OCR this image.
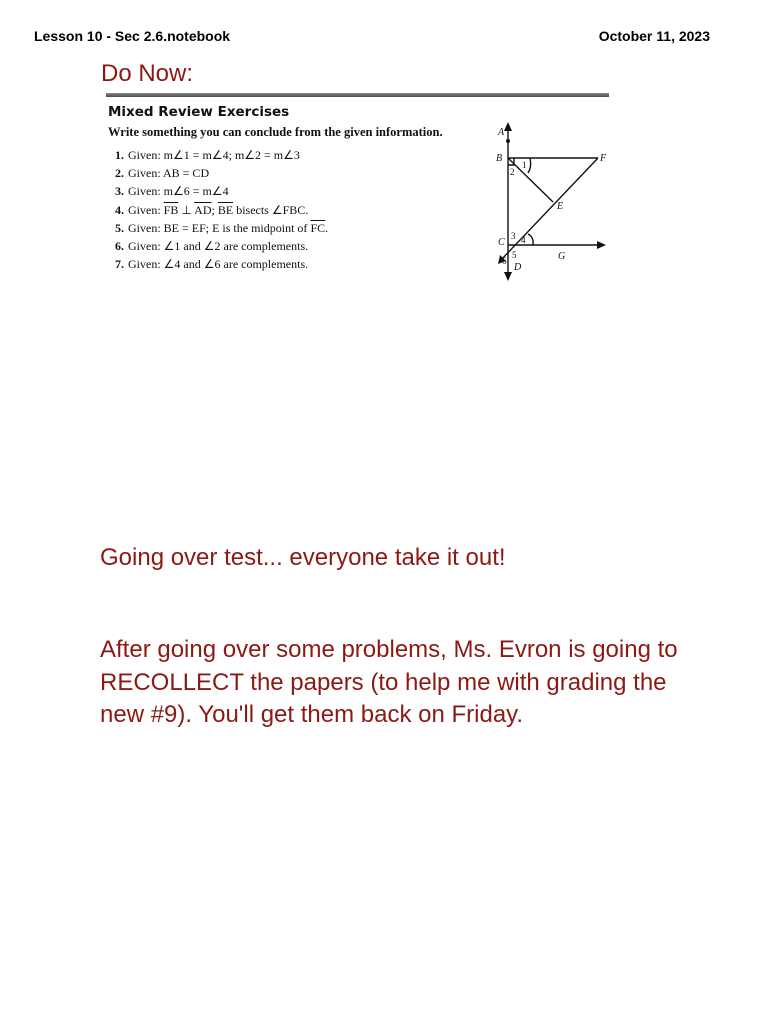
Lesson 10 - Sec 2.6.notebook	October 11, 2023
Do Now:
Mixed Review Exercises
Write something you can conclude from the given information.
1. Given: m∠1 = m∠4; m∠2 = m∠3
2. Given: AB = CD
3. Given: m∠6 = m∠4
4. Given: $\overline{FB}$ ⊥ $\overline{AD}$; $\overline{BE}$ bisects ∠FBC.
5. Given: BE = EF; E is the midpoint of $\overline{FC}$.
6. Given: ∠1 and ∠2 are complements.
7. Given: ∠4 and ∠6 are complements.
A
B
C
D
E
F
G
1
2
3 4
5
6
Going over test... everyone take it out!
After going over some problems, Ms. Evron is going to RECOLLECT the papers (to help me with grading the new #9). You'll get them back on Friday.
